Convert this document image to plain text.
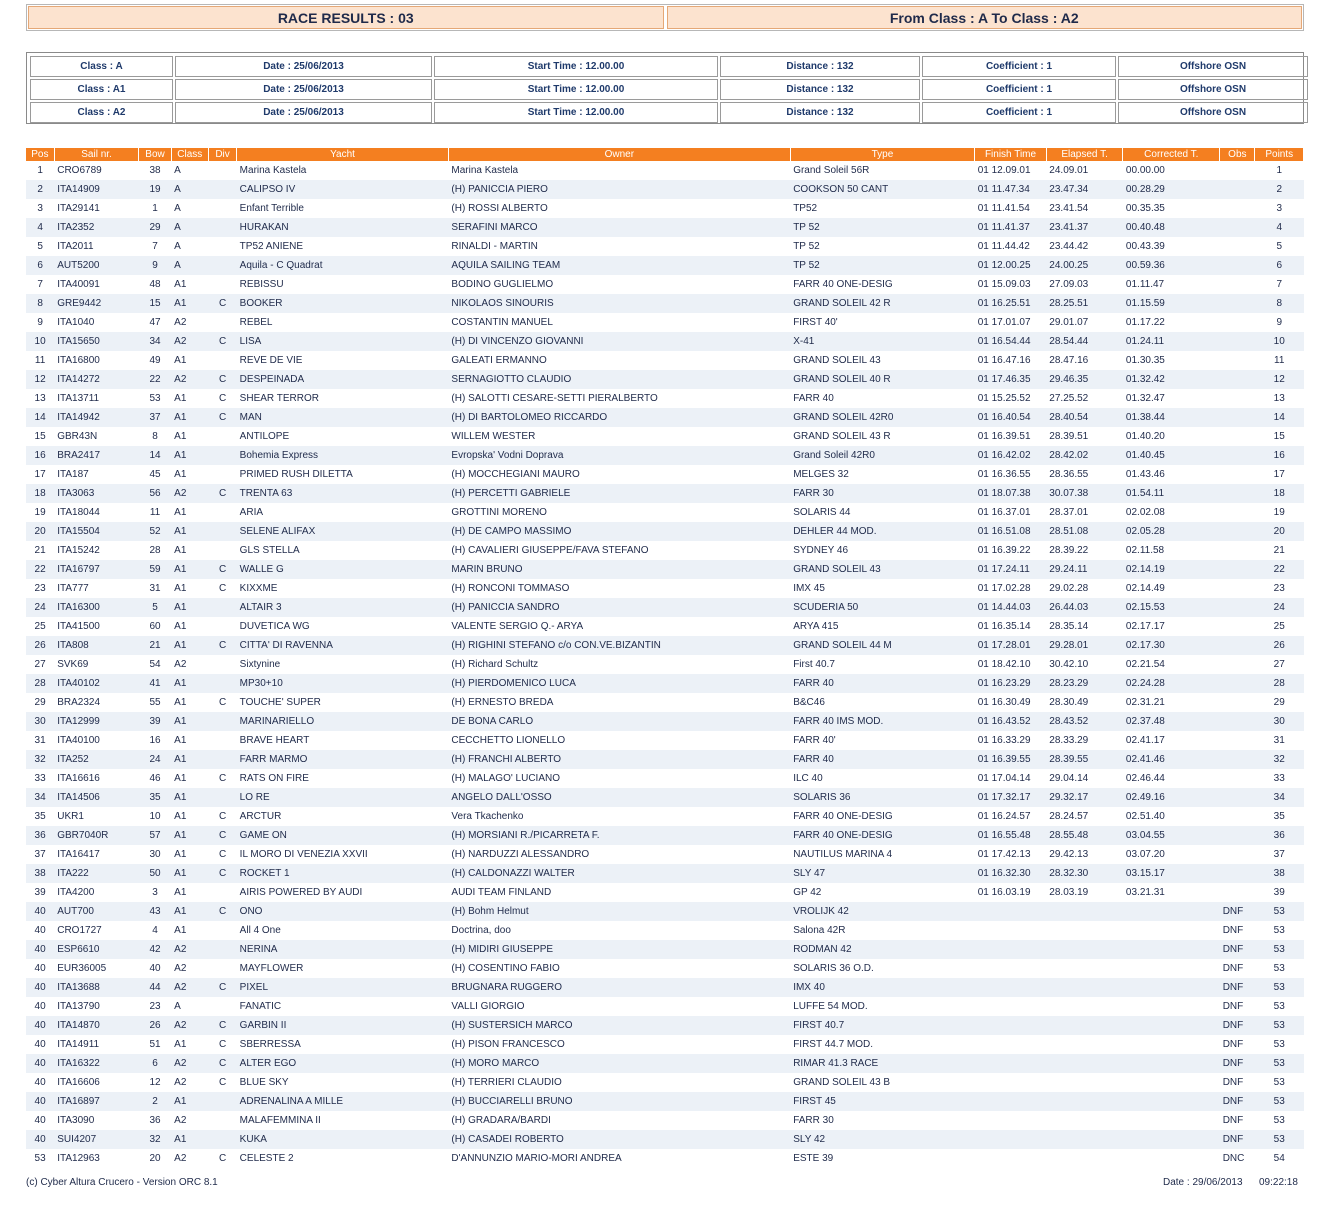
RACE RESULTS : 03	From Class : A To Class : A2
Class : A	Date : 25/06/2013	Start Time : 12.00.00	Distance : 132	Coefficient : 1	Offshore OSN
Class : A1	Date : 25/06/2013	Start Time : 12.00.00	Distance : 132	Coefficient : 1	Offshore OSN
Class : A2	Date : 25/06/2013	Start Time : 12.00.00	Distance : 132	Coefficient : 1	Offshore OSN
Pos	Sail nr.	Bow	Class	Div	Yacht	Owner	Type	Finish Time	Elapsed T.	Corrected T.	Obs	Points
1	CRO6789	38	A		Marina Kastela	Marina Kastela	Grand Soleil 56R	01 12.09.01	24.09.01	00.00.00		1
2	ITA14909	19	A		CALIPSO IV	(H) PANICCIA PIERO	COOKSON 50 CANT	01 11.47.34	23.47.34	00.28.29		2
3	ITA29141	1	A		Enfant Terrible	(H) ROSSI ALBERTO	TP52	01 11.41.54	23.41.54	00.35.35		3
4	ITA2352	29	A		HURAKAN	SERAFINI MARCO	TP 52	01 11.41.37	23.41.37	00.40.48		4
5	ITA2011	7	A		TP52 ANIENE	RINALDI - MARTIN	TP 52	01 11.44.42	23.44.42	00.43.39		5
6	AUT5200	9	A		Aquila - C Quadrat	AQUILA SAILING TEAM	TP 52	01 12.00.25	24.00.25	00.59.36		6
7	ITA40091	48	A1		REBISSU	BODINO GUGLIELMO	FARR 40 ONE-DESIG	01 15.09.03	27.09.03	01.11.47		7
8	GRE9442	15	A1	C	BOOKER	NIKOLAOS SINOURIS	GRAND SOLEIL 42 R	01 16.25.51	28.25.51	01.15.59		8
9	ITA1040	47	A2		REBEL	COSTANTIN MANUEL	FIRST 40'	01 17.01.07	29.01.07	01.17.22		9
10	ITA15650	34	A2	C	LISA	(H) DI VINCENZO GIOVANNI	X-41	01 16.54.44	28.54.44	01.24.11		10
11	ITA16800	49	A1		REVE DE VIE	GALEATI ERMANNO	GRAND SOLEIL 43	01 16.47.16	28.47.16	01.30.35		11
12	ITA14272	22	A2	C	DESPEINADA	SERNAGIOTTO CLAUDIO	GRAND SOLEIL 40 R	01 17.46.35	29.46.35	01.32.42		12
13	ITA13711	53	A1	C	SHEAR TERROR	(H) SALOTTI CESARE-SETTI PIERALBERTO	FARR 40	01 15.25.52	27.25.52	01.32.47		13
14	ITA14942	37	A1	C	MAN	(H) DI BARTOLOMEO RICCARDO	GRAND SOLEIL 42R0	01 16.40.54	28.40.54	01.38.44		14
15	GBR43N	8	A1		ANTILOPE	WILLEM WESTER	GRAND SOLEIL 43 R	01 16.39.51	28.39.51	01.40.20		15
16	BRA2417	14	A1		Bohemia Express	Evropska' Vodni Doprava	Grand Soleil 42R0	01 16.42.02	28.42.02	01.40.45		16
17	ITA187	45	A1		PRIMED RUSH DILETTA	(H) MOCCHEGIANI MAURO	MELGES 32	01 16.36.55	28.36.55	01.43.46		17
18	ITA3063	56	A2	C	TRENTA 63	(H) PERCETTI GABRIELE	FARR 30	01 18.07.38	30.07.38	01.54.11		18
19	ITA18044	11	A1		ARIA	GROTTINI MORENO	SOLARIS 44	01 16.37.01	28.37.01	02.02.08		19
20	ITA15504	52	A1		SELENE ALIFAX	(H) DE CAMPO MASSIMO	DEHLER 44 MOD.	01 16.51.08	28.51.08	02.05.28		20
21	ITA15242	28	A1		GLS STELLA	(H) CAVALIERI GIUSEPPE/FAVA STEFANO	SYDNEY 46	01 16.39.22	28.39.22	02.11.58		21
22	ITA16797	59	A1	C	WALLE G	MARIN BRUNO	GRAND SOLEIL 43	01 17.24.11	29.24.11	02.14.19		22
23	ITA777	31	A1	C	KIXXME	(H) RONCONI TOMMASO	IMX 45	01 17.02.28	29.02.28	02.14.49		23
24	ITA16300	5	A1		ALTAIR 3	(H) PANICCIA SANDRO	SCUDERIA 50	01 14.44.03	26.44.03	02.15.53		24
25	ITA41500	60	A1		DUVETICA WG	VALENTE SERGIO Q.- ARYA	ARYA 415	01 16.35.14	28.35.14	02.17.17		25
26	ITA808	21	A1	C	CITTA' DI RAVENNA	(H) RIGHINI STEFANO c/o CON.VE.BIZANTIN	GRAND SOLEIL 44 M	01 17.28.01	29.28.01	02.17.30		26
27	SVK69	54	A2		Sixtynine	(H) Richard Schultz	First 40.7	01 18.42.10	30.42.10	02.21.54		27
28	ITA40102	41	A1		MP30+10	(H) PIERDOMENICO LUCA	FARR 40	01 16.23.29	28.23.29	02.24.28		28
29	BRA2324	55	A1	C	TOUCHE' SUPER	(H) ERNESTO BREDA	B&C46	01 16.30.49	28.30.49	02.31.21		29
30	ITA12999	39	A1		MARINARIELLO	DE BONA CARLO	FARR 40 IMS MOD.	01 16.43.52	28.43.52	02.37.48		30
31	ITA40100	16	A1		BRAVE HEART	CECCHETTO LIONELLO	FARR 40'	01 16.33.29	28.33.29	02.41.17		31
32	ITA252	24	A1		FARR MARMO	(H) FRANCHI ALBERTO	FARR 40	01 16.39.55	28.39.55	02.41.46		32
33	ITA16616	46	A1	C	RATS ON FIRE	(H) MALAGO' LUCIANO	ILC 40	01 17.04.14	29.04.14	02.46.44		33
34	ITA14506	35	A1		LO RE	ANGELO DALL'OSSO	SOLARIS 36	01 17.32.17	29.32.17	02.49.16		34
35	UKR1	10	A1	C	ARCTUR	Vera Tkachenko	FARR 40 ONE-DESIG	01 16.24.57	28.24.57	02.51.40		35
36	GBR7040R	57	A1	C	GAME ON	(H) MORSIANI R./PICARRETA F.	FARR 40 ONE-DESIG	01 16.55.48	28.55.48	03.04.55		36
37	ITA16417	30	A1	C	IL MORO DI VENEZIA XXVII	(H) NARDUZZI ALESSANDRO	NAUTILUS MARINA 4	01 17.42.13	29.42.13	03.07.20		37
38	ITA222	50	A1	C	ROCKET 1	(H) CALDONAZZI WALTER	SLY 47	01 16.32.30	28.32.30	03.15.17		38
39	ITA4200	3	A1		AIRIS POWERED BY AUDI	AUDI TEAM FINLAND	GP 42	01 16.03.19	28.03.19	03.21.31		39
40	AUT700	43	A1	C	ONO	(H) Bohm Helmut	VROLIJK 42				DNF	53
40	CRO1727	4	A1		All 4 One	Doctrina, doo	Salona 42R				DNF	53
40	ESP6610	42	A2		NERINA	(H) MIDIRI GIUSEPPE	RODMAN 42				DNF	53
40	EUR36005	40	A2		MAYFLOWER	(H) COSENTINO FABIO	SOLARIS 36 O.D.				DNF	53
40	ITA13688	44	A2	C	PIXEL	BRUGNARA RUGGERO	IMX 40				DNF	53
40	ITA13790	23	A		FANATIC	VALLI GIORGIO	LUFFE 54 MOD.				DNF	53
40	ITA14870	26	A2	C	GARBIN II	(H) SUSTERSICH MARCO	FIRST 40.7				DNF	53
40	ITA14911	51	A1	C	SBERRESSA	(H) PISON FRANCESCO	FIRST 44.7 MOD.				DNF	53
40	ITA16322	6	A2	C	ALTER EGO	(H) MORO MARCO	RIMAR 41.3 RACE				DNF	53
40	ITA16606	12	A2	C	BLUE SKY	(H) TERRIERI CLAUDIO	GRAND SOLEIL 43 B				DNF	53
40	ITA16897	2	A1		ADRENALINA A MILLE	(H) BUCCIARELLI BRUNO	FIRST 45				DNF	53
40	ITA3090	36	A2		MALAFEMMINA II	(H) GRADARA/BARDI	FARR 30				DNF	53
40	SUI4207	32	A1		KUKA	(H) CASADEI ROBERTO	SLY 42				DNF	53
53	ITA12963	20	A2	C	CELESTE 2	D'ANNUNZIO MARIO-MORI ANDREA	ESTE 39				DNC	54
(c) Cyber Altura Crucero - Version ORC 8.1	Date : 29/06/2013 09:22:18
